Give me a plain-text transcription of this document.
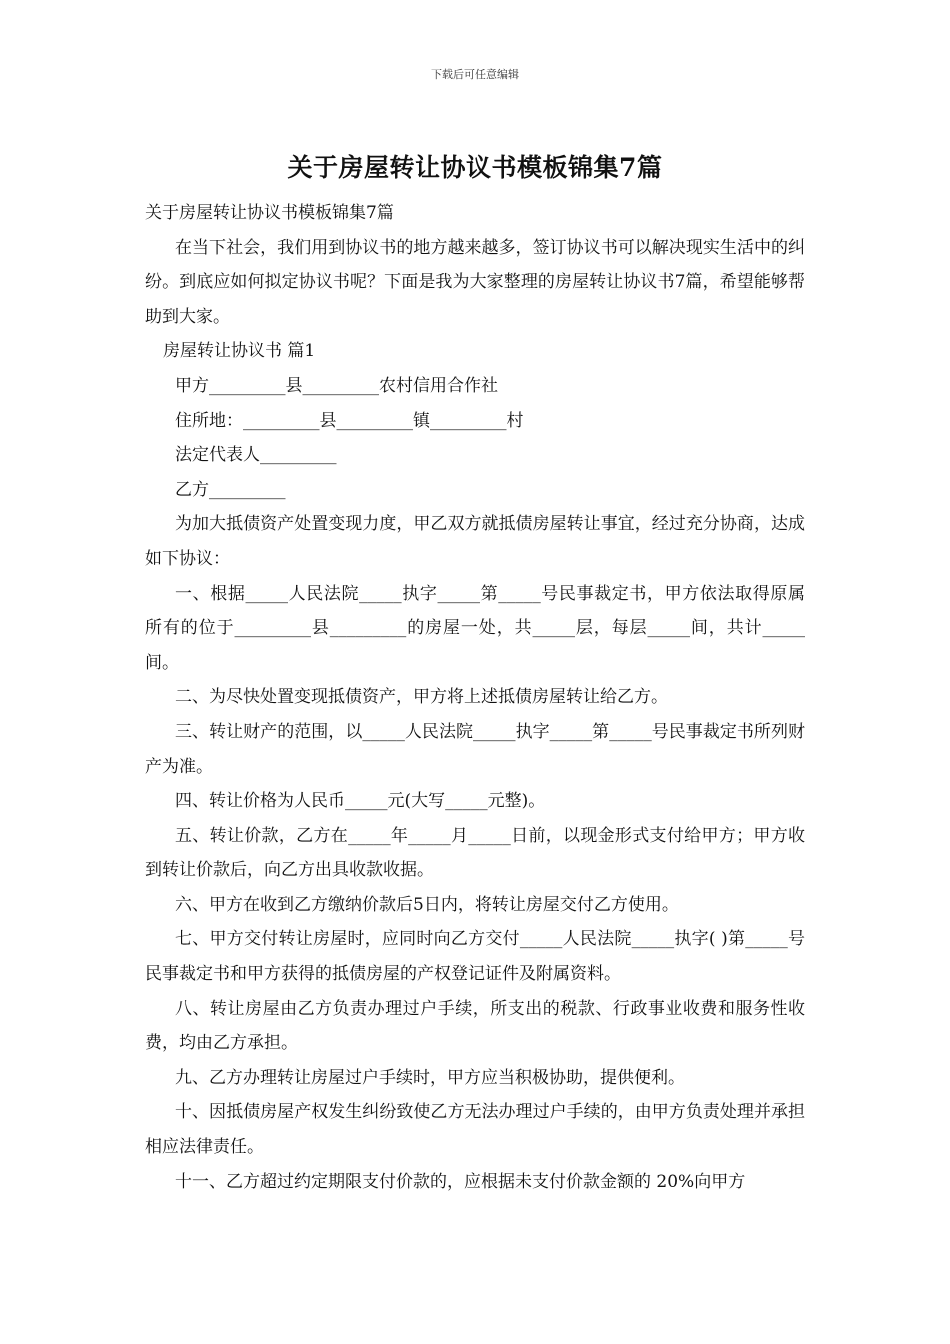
下载后可任意编辑
关于房屋转让协议书模板锦集7篇

关于房屋转让协议书模板锦集7篇

在当下社会，我们用到协议书的地方越来越多，签订协议书可以解决现实生活中的纠纷。到底应如何拟定协议书呢？下面是我为大家整理的房屋转让协议书7篇，希望能够帮助到大家。

房屋转让协议书 篇1

甲方_________县_________农村信用合作社

住所地：_________县_________镇_________村

法定代表人_________

乙方_________

为加大抵债资产处置变现力度，甲乙双方就抵债房屋转让事宜，经过充分协商，达成如下协议：

一、根据_____人民法院_____执字_____第_____号民事裁定书，甲方依法取得原属 所有的位于_________县_________的房屋一处，共_____层，每层_____间，共计_____间。

二、为尽快处置变现抵债资产，甲方将上述抵债房屋转让给乙方。

三、转让财产的范围，以_____人民法院_____执字_____第_____号民事裁定书所列财产为准。

四、转让价格为人民币_____元(大写_____元整)。

五、转让价款，乙方在_____年_____月_____日前，以现金形式支付给甲方；甲方收到转让价款后，向乙方出具收款收据。

六、甲方在收到乙方缴纳价款后5日内，将转让房屋交付乙方使用。

七、甲方交付转让房屋时，应同时向乙方交付_____人民法院_____执字( )第_____号民事裁定书和甲方获得的抵债房屋的产权登记证件及附属资料。

八、转让房屋由乙方负责办理过户手续，所支出的税款、行政事业收费和服务性收费，均由乙方承担。

九、乙方办理转让房屋过户手续时，甲方应当积极协助，提供便利。

十、因抵债房屋产权发生纠纷致使乙方无法办理过户手续的，由甲方负责处理并承担相应法律责任。

十一、乙方超过约定期限支付价款的，应根据未支付价款金额的 20%向甲方
